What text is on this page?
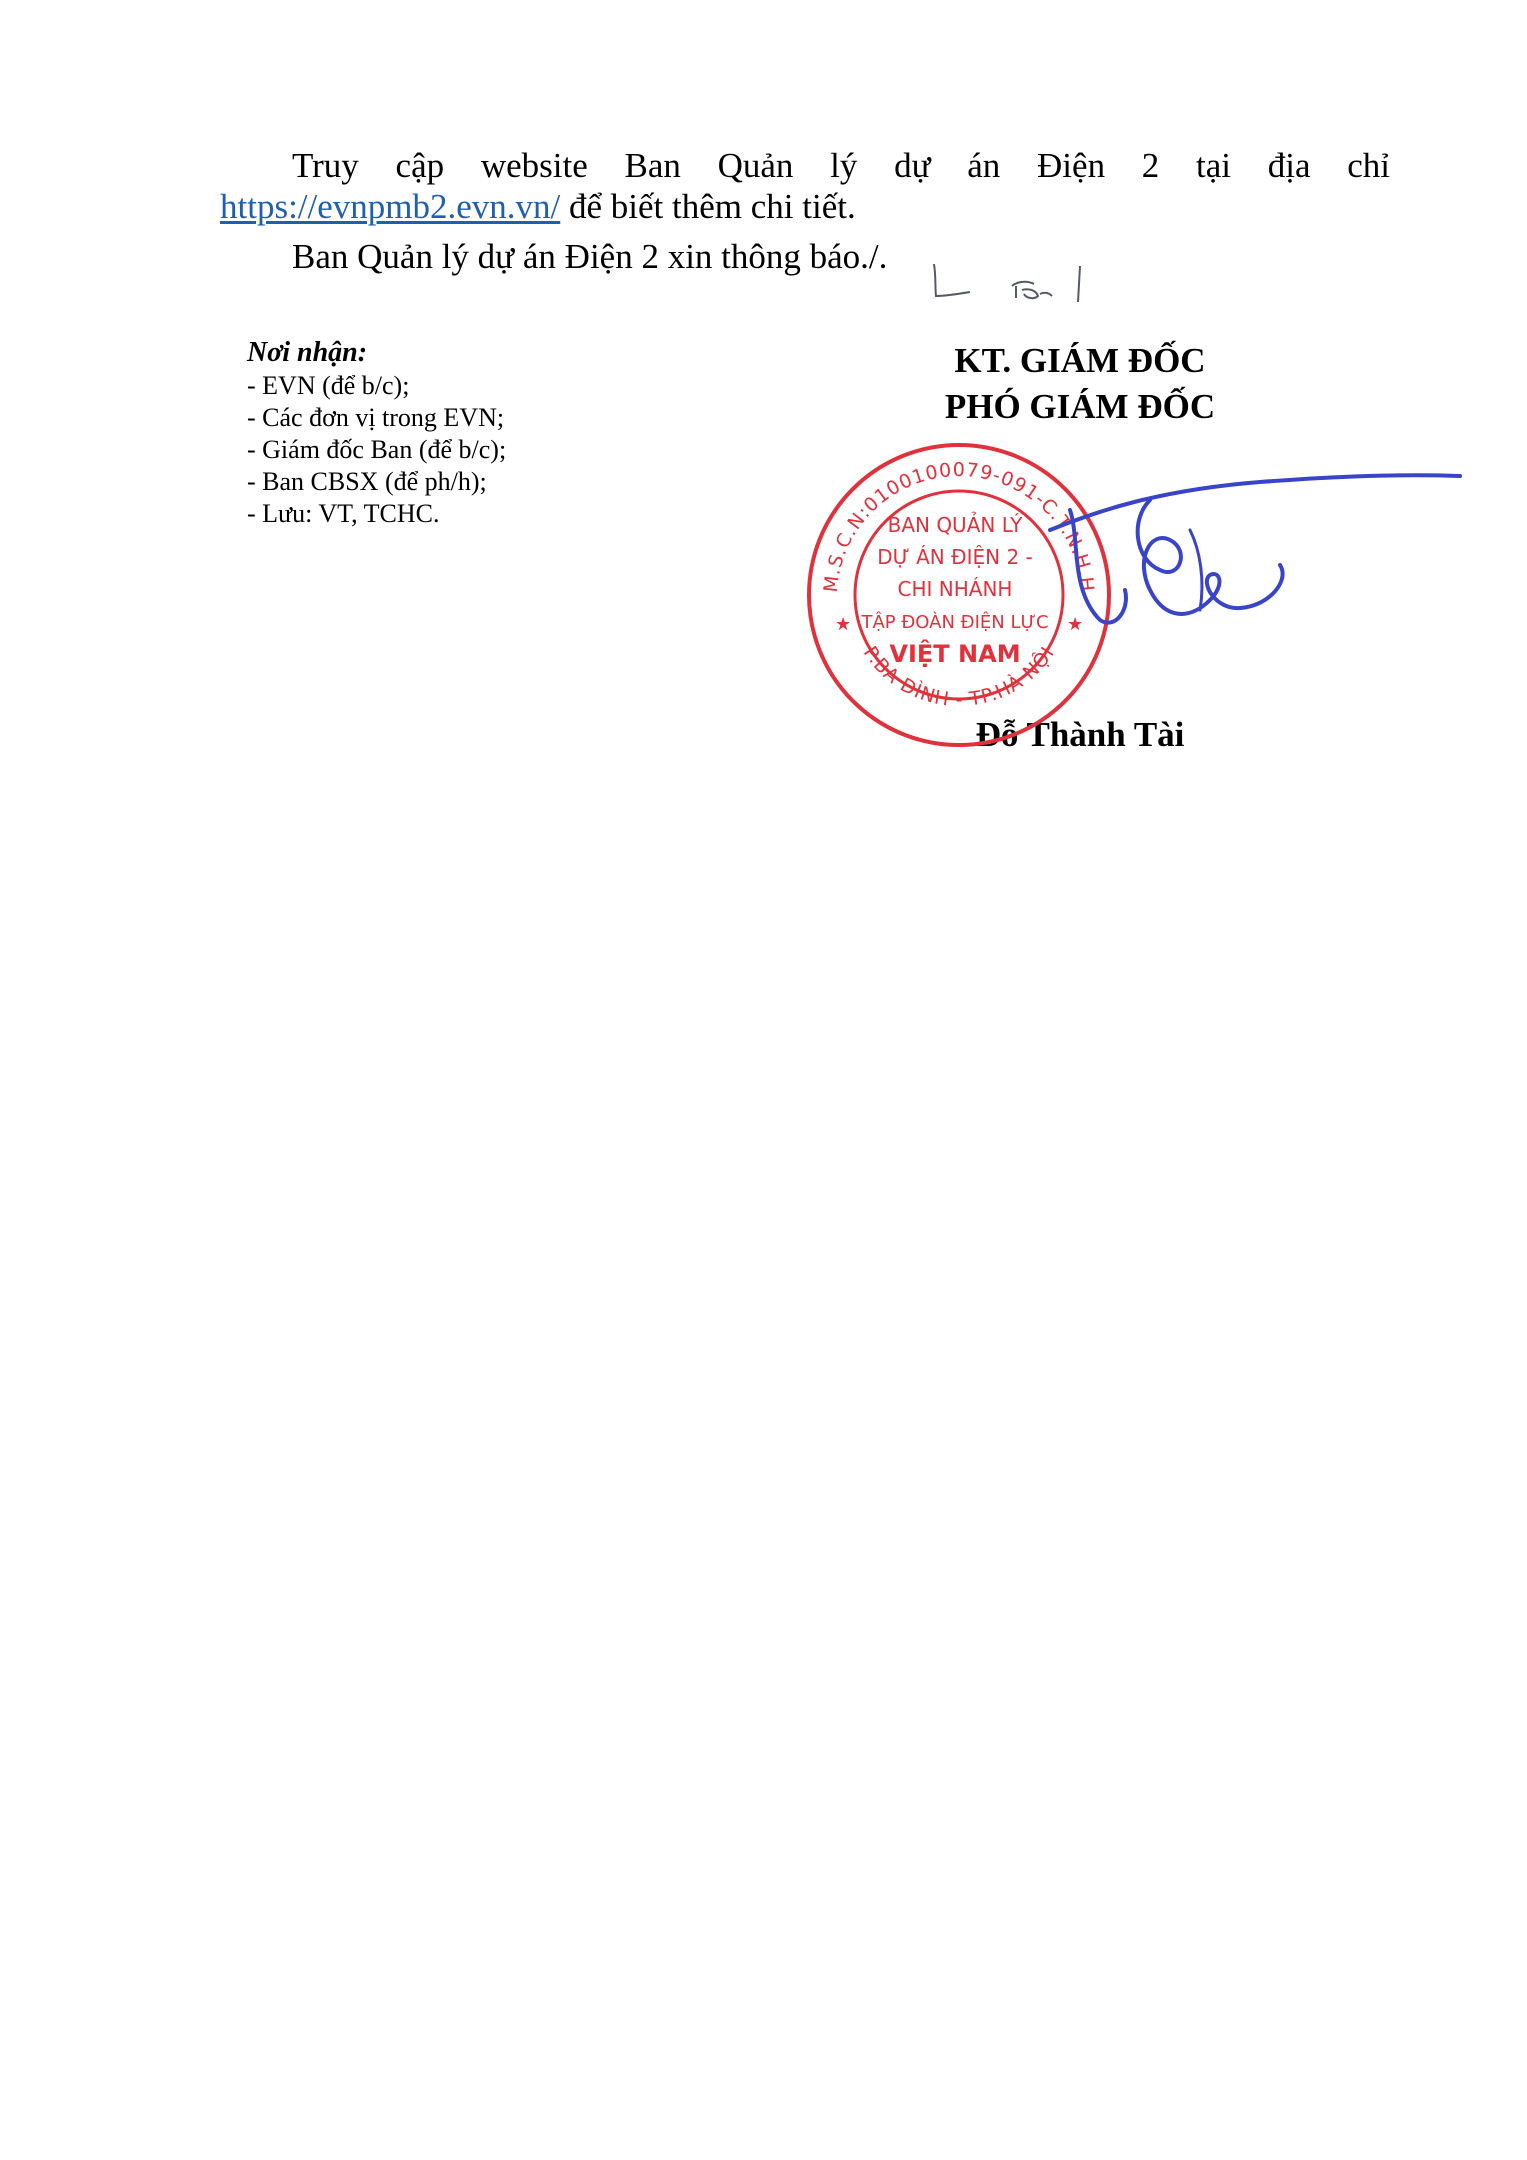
Truy cập website Ban Quản lý dự án Điện 2 tại địa chỉ
https://evnpmb2.evn.vn/ để biết thêm chi tiết.
Ban Quản lý dự án Điện 2 xin thông báo./.
Nơi nhận:
- EVN (để b/c);
- Các đơn vị trong EVN;
- Giám đốc Ban (để b/c);
- Ban CBSX (để ph/h);
- Lưu: VT, TCHC.
KT. GIÁM ĐỐC
PHÓ GIÁM ĐỐC
Đỗ Thành Tài
M.S.C.N:0100100079-091-C.T.N.H.H
P.BA ĐÌNH - TP.HÀ NỘI
★	★
BAN QUẢN LÝ
DỰ ÁN ĐIỆN 2 -
CHI NHÁNH
TẬP ĐOÀN ĐIỆN LỰC
VIỆT NAM
